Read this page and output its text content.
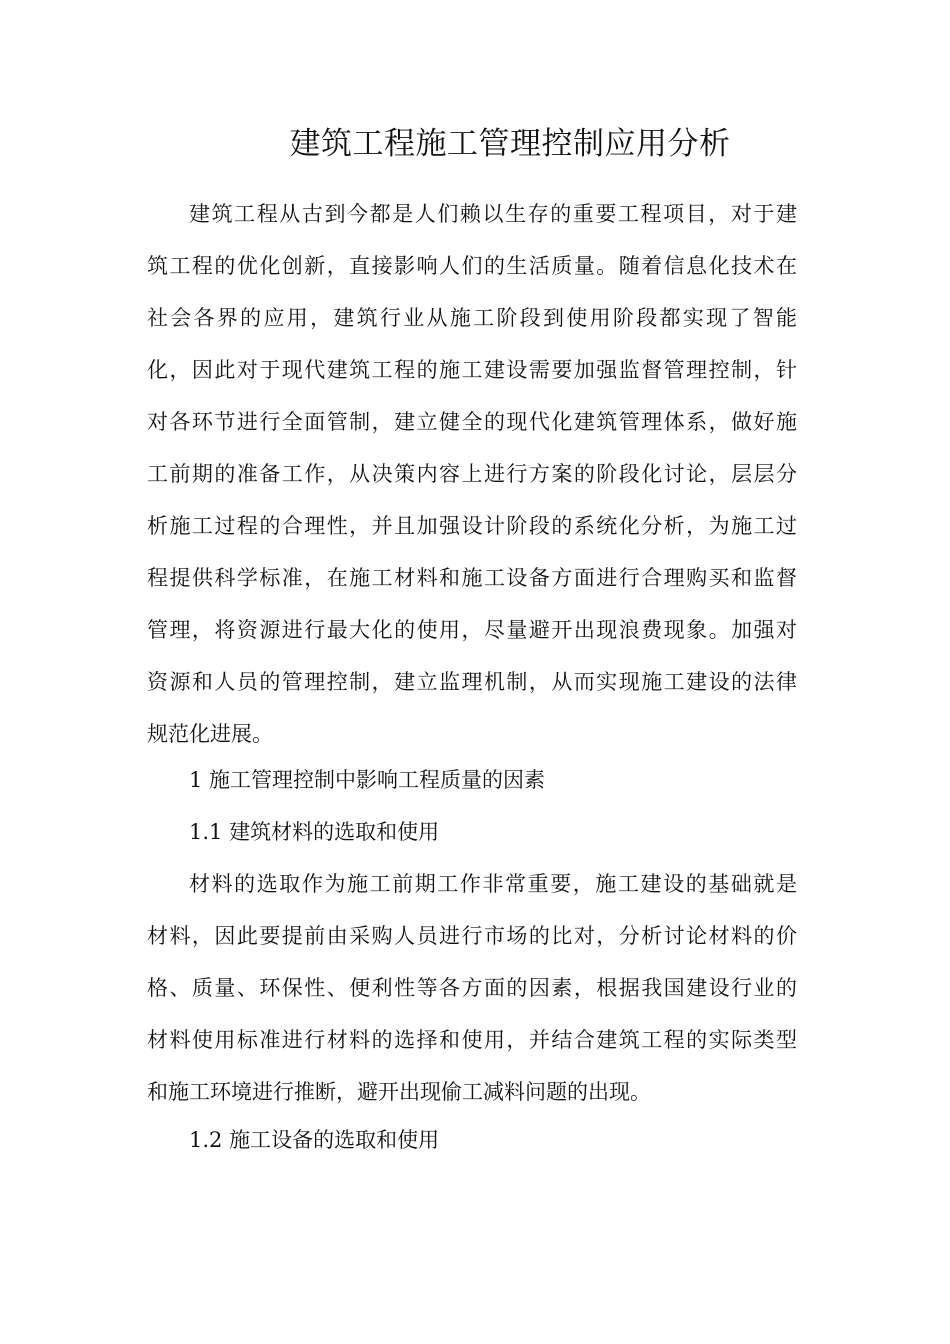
建筑工程施工管理控制应用分析
建筑工程从古到今都是人们赖以生存的重要工程项目，对于建
筑工程的优化创新，直接影响人们的生活质量。随着信息化技术在
社会各界的应用，建筑行业从施工阶段到使用阶段都实现了智能
化，因此对于现代建筑工程的施工建设需要加强监督管理控制，针
对各环节进行全面管制，建立健全的现代化建筑管理体系，做好施
工前期的准备工作，从决策内容上进行方案的阶段化讨论，层层分
析施工过程的合理性，并且加强设计阶段的系统化分析，为施工过
程提供科学标准，在施工材料和施工设备方面进行合理购买和监督
管理，将资源进行最大化的使用，尽量避开出现浪费现象。加强对
资源和人员的管理控制，建立监理机制，从而实现施工建设的法律
规范化进展。
1 施工管理控制中影响工程质量的因素
1.1 建筑材料的选取和使用
材料的选取作为施工前期工作非常重要，施工建设的基础就是
材料，因此要提前由采购人员进行市场的比对，分析讨论材料的价
格、质量、环保性、便利性等各方面的因素，根据我国建设行业的
材料使用标准进行材料的选择和使用，并结合建筑工程的实际类型
和施工环境进行推断，避开出现偷工减料问题的出现。
1.2 施工设备的选取和使用
